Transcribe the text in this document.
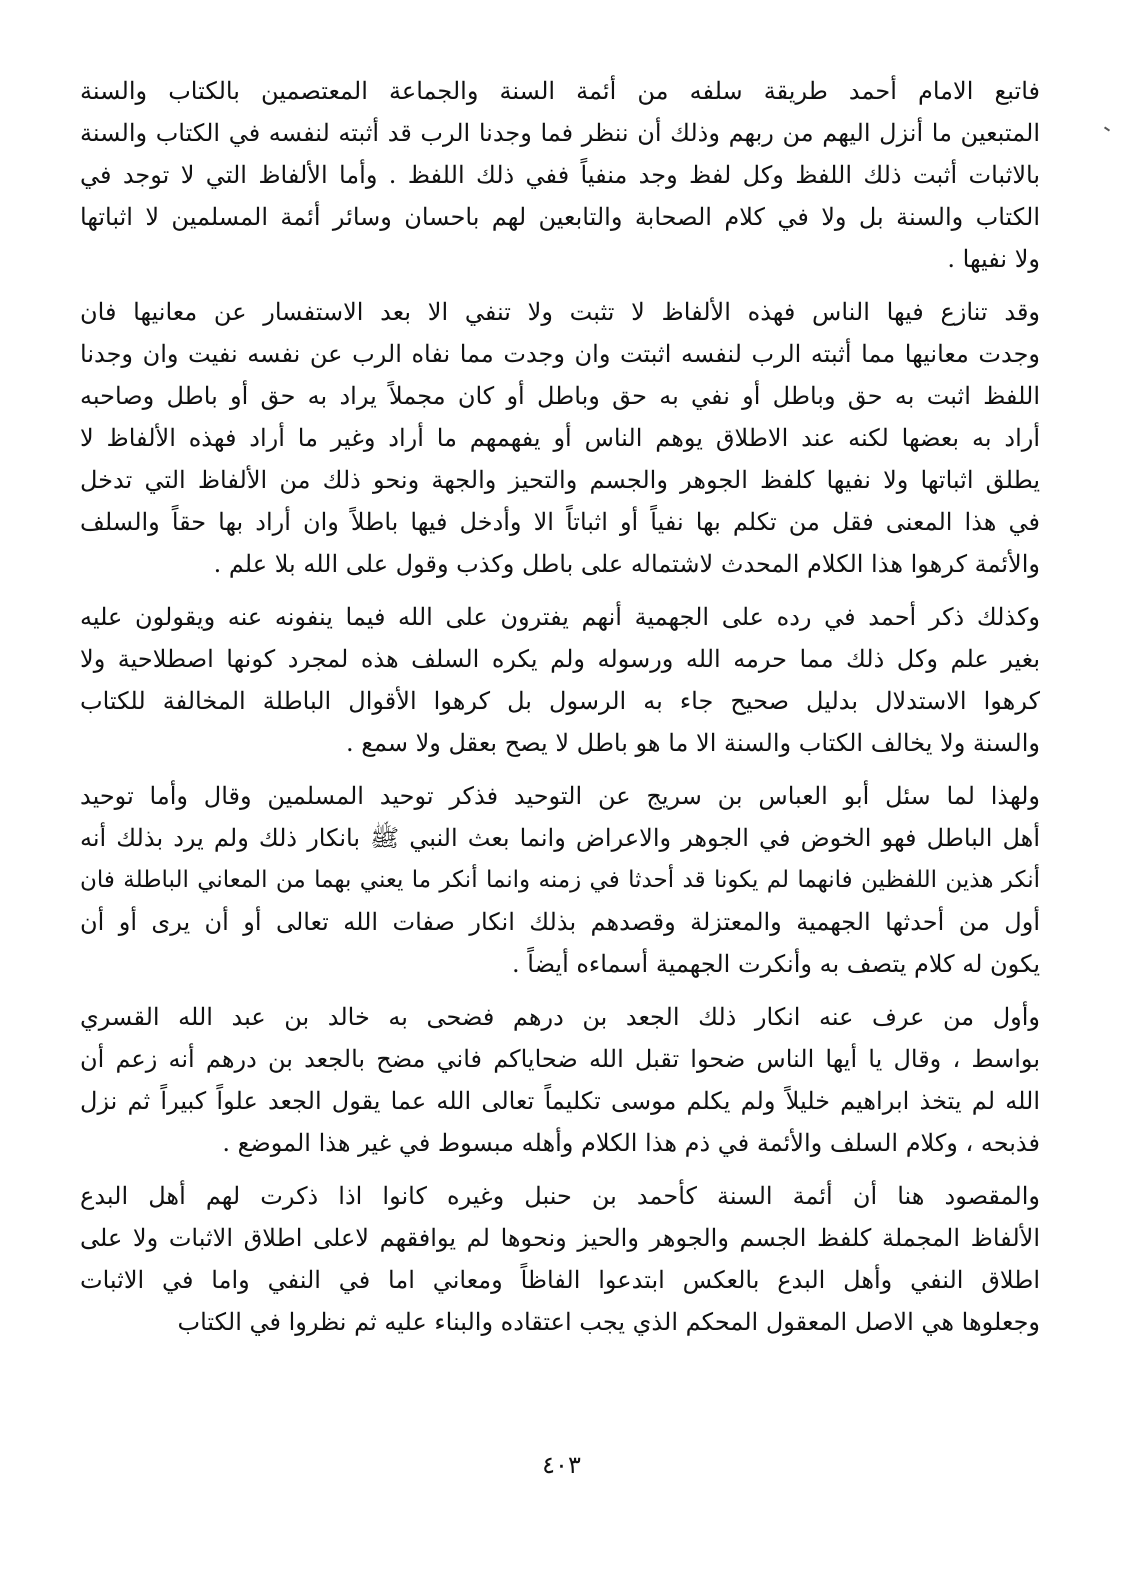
فاتبع الامام أحمد طريقة سلفه من أئمة السنة والجماعة المعتصمين بالكتاب والسنة
المتبعين ما أنزل اليهم من ربهم وذلك أن ننظر فما وجدنا الرب قد أثبته لنفسه في الكتاب والسنة
بالاثبات أثبت ذلك اللفظ وكل لفظ وجد منفياً ففي ذلك اللفظ . وأما الألفاظ التي لا توجد في
الكتاب والسنة بل ولا في كلام الصحابة والتابعين لهم باحسان وسائر أئمة المسلمين لا اثباتها
ولا نفيها .
وقد تنازع فيها الناس فهذه الألفاظ لا تثبت ولا تنفي الا بعد الاستفسار عن معانيها فان
وجدت معانيها مما أثبته الرب لنفسه اثبتت وان وجدت مما نفاه الرب عن نفسه نفيت وان وجدنا
اللفظ اثبت به حق وباطل أو نفي به حق وباطل أو كان مجملاً يراد به حق أو باطل وصاحبه
أراد به بعضها لكنه عند الاطلاق يوهم الناس أو يفهمهم ما أراد وغير ما أراد فهذه الألفاظ لا
يطلق اثباتها ولا نفيها كلفظ الجوهر والجسم والتحيز والجهة ونحو ذلك من الألفاظ التي تدخل
في هذا المعنى فقل من تكلم بها نفياً أو اثباتاً الا وأدخل فيها باطلاً وان أراد بها حقاً والسلف
والأئمة كرهوا هذا الكلام المحدث لاشتماله على باطل وكذب وقول على الله بلا علم .
وكذلك ذكر أحمد في رده على الجهمية أنهم يفترون على الله فيما ينفونه عنه ويقولون عليه
بغير علم وكل ذلك مما حرمه الله ورسوله ولم يكره السلف هذه لمجرد كونها اصطلاحية ولا
كرهوا الاستدلال بدليل صحيح جاء به الرسول بل كرهوا الأقوال الباطلة المخالفة للكتاب
والسنة ولا يخالف الكتاب والسنة الا ما هو باطل لا يصح بعقل ولا سمع .
ولهذا لما سئل أبو العباس بن سريج عن التوحيد فذكر توحيد المسلمين وقال وأما توحيد
أهل الباطل فهو الخوض في الجوهر والاعراض وانما بعث النبي ﷺ بانكار ذلك ولم يرد بذلك أنه
أنكر هذين اللفظين فانهما لم يكونا قد أحدثا في زمنه وانما أنكر ما يعني بهما من المعاني الباطلة فان
أول من أحدثها الجهمية والمعتزلة وقصدهم بذلك انكار صفات الله تعالى أو أن يرى أو أن
يكون له كلام يتصف به وأنكرت الجهمية أسماءه أيضاً .
وأول من عرف عنه انكار ذلك الجعد بن درهم فضحى به خالد بن عبد الله القسري
بواسط ، وقال يا أيها الناس ضحوا تقبل الله ضحاياكم فاني مضح بالجعد بن درهم أنه زعم أن
الله لم يتخذ ابراهيم خليلاً ولم يكلم موسى تكليماً تعالى الله عما يقول الجعد علواً كبيراً ثم نزل
فذبحه ، وكلام السلف والأئمة في ذم هذا الكلام وأهله مبسوط في غير هذا الموضع .
والمقصود هنا أن أئمة السنة كأحمد بن حنبل وغيره كانوا اذا ذكرت لهم أهل البدع
الألفاظ المجملة كلفظ الجسم والجوهر والحيز ونحوها لم يوافقهم لاعلى اطلاق الاثبات ولا على
اطلاق النفي وأهل البدع بالعكس ابتدعوا الفاظاً ومعاني اما في النفي واما في الاثبات
وجعلوها هي الاصل المعقول المحكم الذي يجب اعتقاده والبناء عليه ثم نظروا في الكتاب
٤٠٣
